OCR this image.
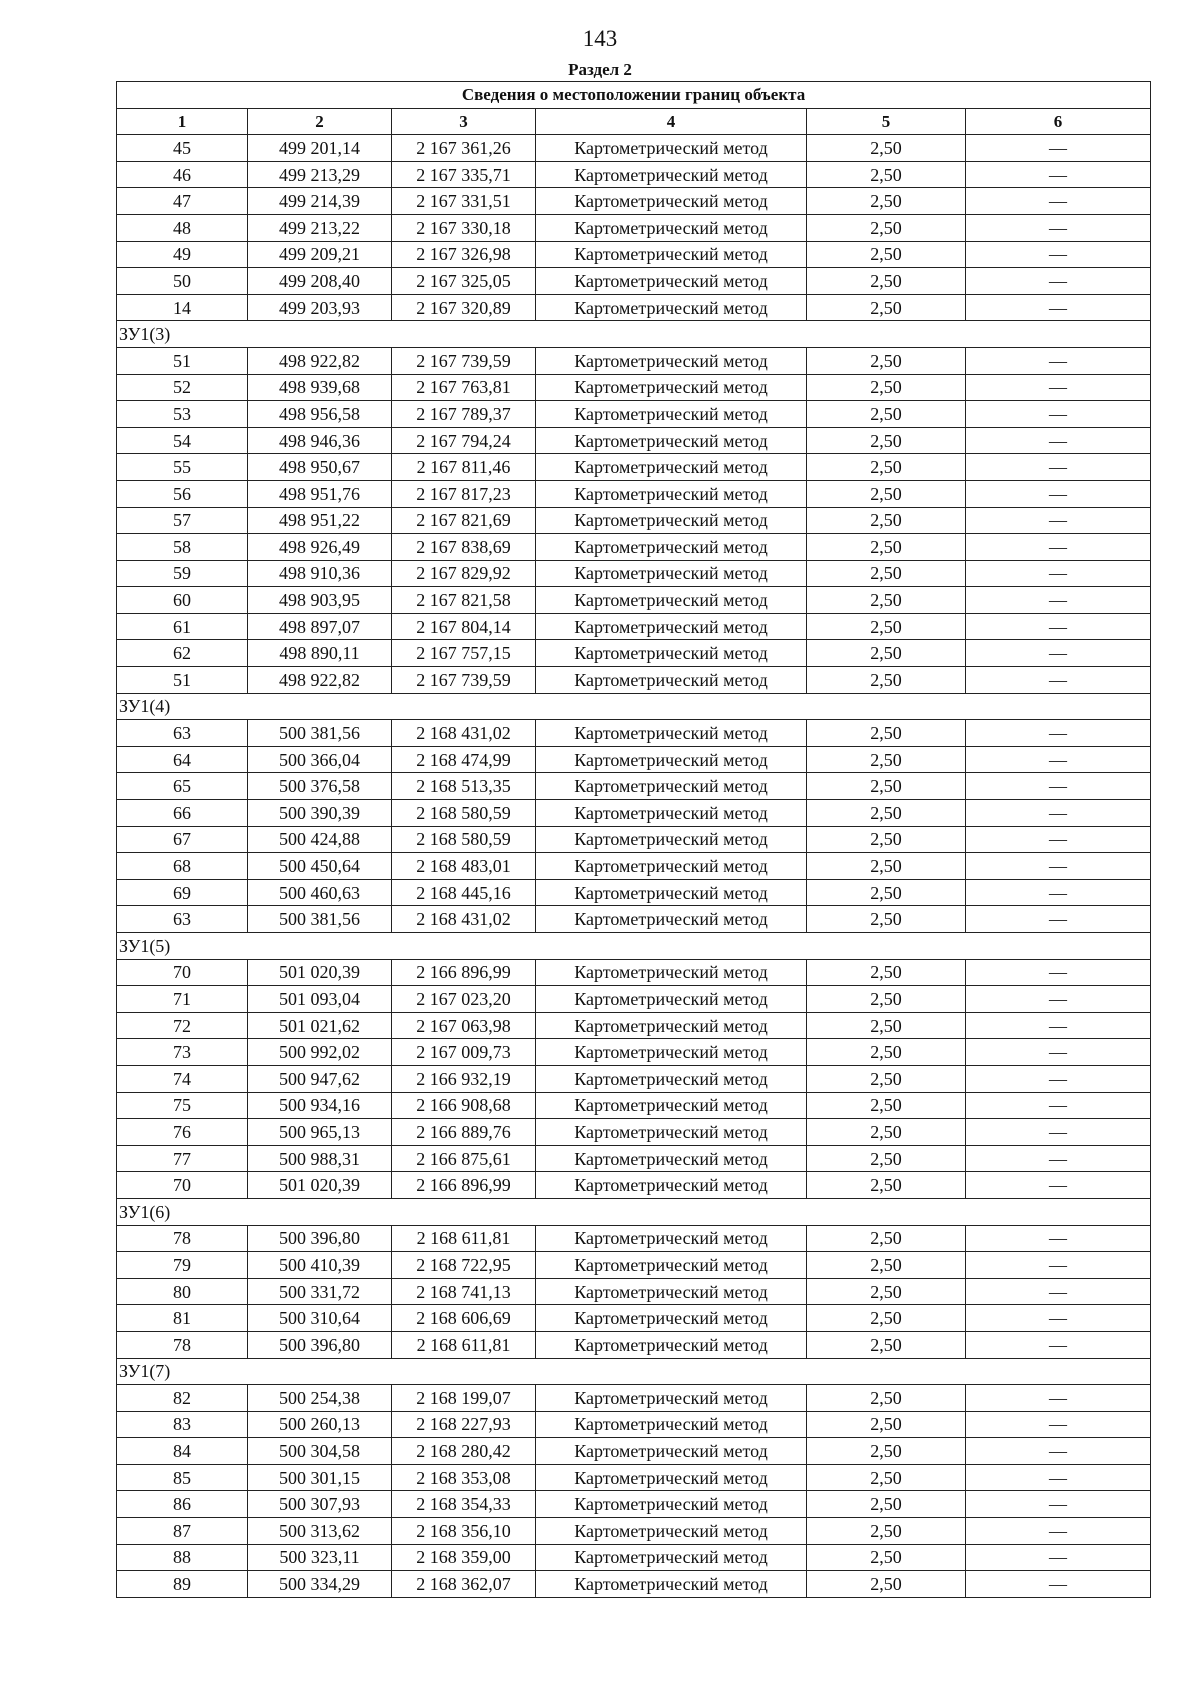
143
Раздел 2
Сведения о местоположении границ объекта					
1	2	3	4	5	6
45	499 201,14	2 167 361,26	Картометрический метод	2,50	—
46	499 213,29	2 167 335,71	Картометрический метод	2,50	—
47	499 214,39	2 167 331,51	Картометрический метод	2,50	—
48	499 213,22	2 167 330,18	Картометрический метод	2,50	—
49	499 209,21	2 167 326,98	Картометрический метод	2,50	—
50	499 208,40	2 167 325,05	Картометрический метод	2,50	—
14	499 203,93	2 167 320,89	Картометрический метод	2,50	—
ЗУ1(3)					
51	498 922,82	2 167 739,59	Картометрический метод	2,50	—
52	498 939,68	2 167 763,81	Картометрический метод	2,50	—
53	498 956,58	2 167 789,37	Картометрический метод	2,50	—
54	498 946,36	2 167 794,24	Картометрический метод	2,50	—
55	498 950,67	2 167 811,46	Картометрический метод	2,50	—
56	498 951,76	2 167 817,23	Картометрический метод	2,50	—
57	498 951,22	2 167 821,69	Картометрический метод	2,50	—
58	498 926,49	2 167 838,69	Картометрический метод	2,50	—
59	498 910,36	2 167 829,92	Картометрический метод	2,50	—
60	498 903,95	2 167 821,58	Картометрический метод	2,50	—
61	498 897,07	2 167 804,14	Картометрический метод	2,50	—
62	498 890,11	2 167 757,15	Картометрический метод	2,50	—
51	498 922,82	2 167 739,59	Картометрический метод	2,50	—
ЗУ1(4)					
63	500 381,56	2 168 431,02	Картометрический метод	2,50	—
64	500 366,04	2 168 474,99	Картометрический метод	2,50	—
65	500 376,58	2 168 513,35	Картометрический метод	2,50	—
66	500 390,39	2 168 580,59	Картометрический метод	2,50	—
67	500 424,88	2 168 580,59	Картометрический метод	2,50	—
68	500 450,64	2 168 483,01	Картометрический метод	2,50	—
69	500 460,63	2 168 445,16	Картометрический метод	2,50	—
63	500 381,56	2 168 431,02	Картометрический метод	2,50	—
ЗУ1(5)					
70	501 020,39	2 166 896,99	Картометрический метод	2,50	—
71	501 093,04	2 167 023,20	Картометрический метод	2,50	—
72	501 021,62	2 167 063,98	Картометрический метод	2,50	—
73	500 992,02	2 167 009,73	Картометрический метод	2,50	—
74	500 947,62	2 166 932,19	Картометрический метод	2,50	—
75	500 934,16	2 166 908,68	Картометрический метод	2,50	—
76	500 965,13	2 166 889,76	Картометрический метод	2,50	—
77	500 988,31	2 166 875,61	Картометрический метод	2,50	—
70	501 020,39	2 166 896,99	Картометрический метод	2,50	—
ЗУ1(6)					
78	500 396,80	2 168 611,81	Картометрический метод	2,50	—
79	500 410,39	2 168 722,95	Картометрический метод	2,50	—
80	500 331,72	2 168 741,13	Картометрический метод	2,50	—
81	500 310,64	2 168 606,69	Картометрический метод	2,50	—
78	500 396,80	2 168 611,81	Картометрический метод	2,50	—
ЗУ1(7)					
82	500 254,38	2 168 199,07	Картометрический метод	2,50	—
83	500 260,13	2 168 227,93	Картометрический метод	2,50	—
84	500 304,58	2 168 280,42	Картометрический метод	2,50	—
85	500 301,15	2 168 353,08	Картометрический метод	2,50	—
86	500 307,93	2 168 354,33	Картометрический метод	2,50	—
87	500 313,62	2 168 356,10	Картометрический метод	2,50	—
88	500 323,11	2 168 359,00	Картометрический метод	2,50	—
89	500 334,29	2 168 362,07	Картометрический метод	2,50	—
